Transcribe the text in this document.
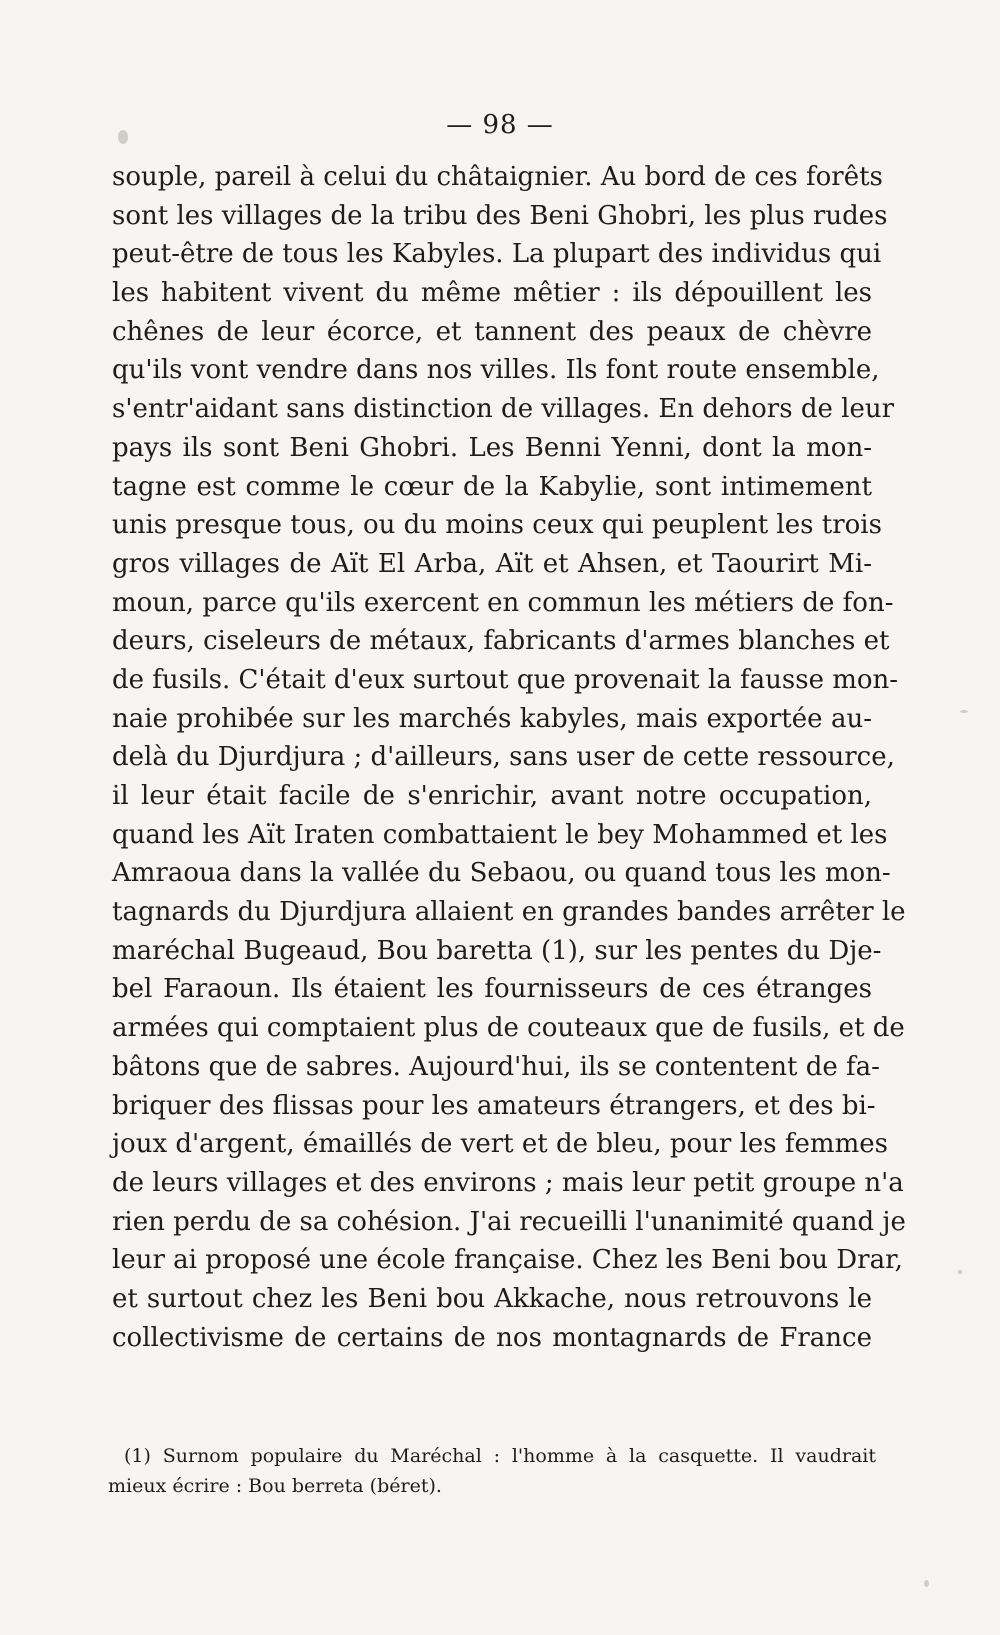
— 98 —
souple, pareil à celui du châtaignier. Au bord de ces forêts
sont les villages de la tribu des Beni Ghobri, les plus rudes
peut-être de tous les Kabyles. La plupart des individus qui
les habitent vivent du même mêtier : ils dépouillent les
chênes de leur écorce, et tannent des peaux de chèvre
qu'ils vont vendre dans nos villes. Ils font route ensemble,
s'entr'aidant sans distinction de villages. En dehors de leur
pays ils sont Beni Ghobri. Les Benni Yenni, dont la mon-
tagne est comme le cœur de la Kabylie, sont intimement
unis presque tous, ou du moins ceux qui peuplent les trois
gros villages de Aït El Arba, Aït et Ahsen, et Taourirt Mi-
moun, parce qu'ils exercent en commun les métiers de fon-
deurs, ciseleurs de métaux, fabricants d'armes blanches et
de fusils. C'était d'eux surtout que provenait la fausse mon-
naie prohibée sur les marchés kabyles, mais exportée au-
delà du Djurdjura ; d'ailleurs, sans user de cette ressource,
il leur était facile de s'enrichir, avant notre occupation,
quand les Aït Iraten combattaient le bey Mohammed et les
Amraoua dans la vallée du Sebaou, ou quand tous les mon-
tagnards du Djurdjura allaient en grandes bandes arrêter le
maréchal Bugeaud, Bou baretta (1), sur les pentes du Dje-
bel Faraoun. Ils étaient les fournisseurs de ces étranges
armées qui comptaient plus de couteaux que de fusils, et de
bâtons que de sabres. Aujourd'hui, ils se contentent de fa-
briquer des flissas pour les amateurs étrangers, et des bi-
joux d'argent, émaillés de vert et de bleu, pour les femmes
de leurs villages et des environs ; mais leur petit groupe n'a
rien perdu de sa cohésion. J'ai recueilli l'unanimité quand je
leur ai proposé une école française. Chez les Beni bou Drar,
et surtout chez les Beni bou Akkache, nous retrouvons le
collectivisme de certains de nos montagnards de France
(1) Surnom populaire du Maréchal : l'homme à la casquette. Il vaudrait
mieux écrire : Bou berreta (béret).
